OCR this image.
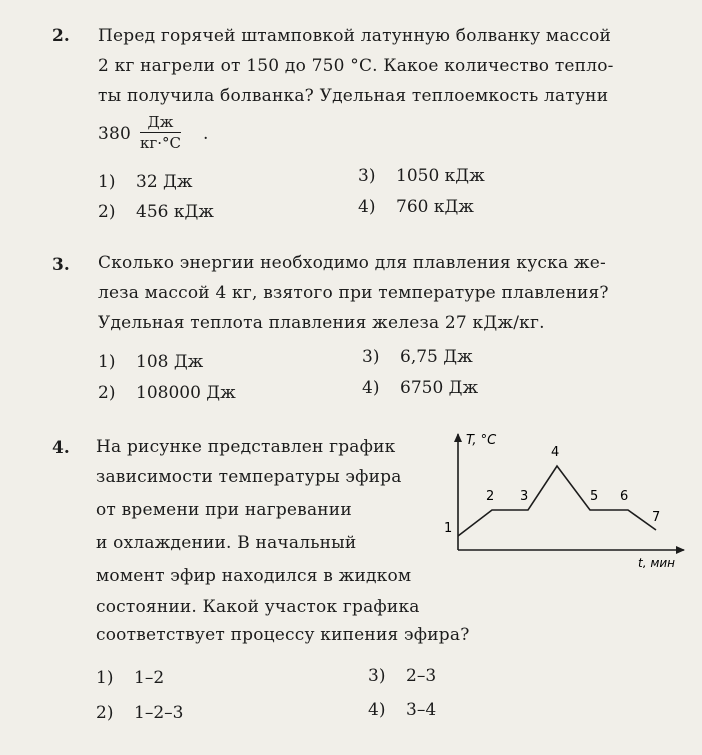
2. Перед горячей штамповкой латунную болванку массой
2 кг нагрели от 150 до 750 °С. Какое количество тепло-
ты получила болванка? Удельная теплоемкость латуни
380
Дж
кг·°С .
1) 32 Дж
2) 456 кДж
3) 1050 кДж
4) 760 кДж
3. Сколько энергии необходимо для плавления куска же-
леза массой 4 кг, взятого при температуре плавления?
Удельная теплота плавления железа 27 кДж/кг.
1) 108 Дж
2) 108000 Дж
3) 6,75 Дж
4) 6750 Дж
4. На рисунке представлен график
зависимости температуры эфира
от времени при нагревании
и охлаждении. В начальный
момент эфир находился в жидком
состоянии. Какой участок графика
соответствует процессу кипения эфира?
T, °C
t, мин
1
2 3
4
5 6
7
1) 1–2
2) 1–2–3
3) 2–3
4) 3–4
